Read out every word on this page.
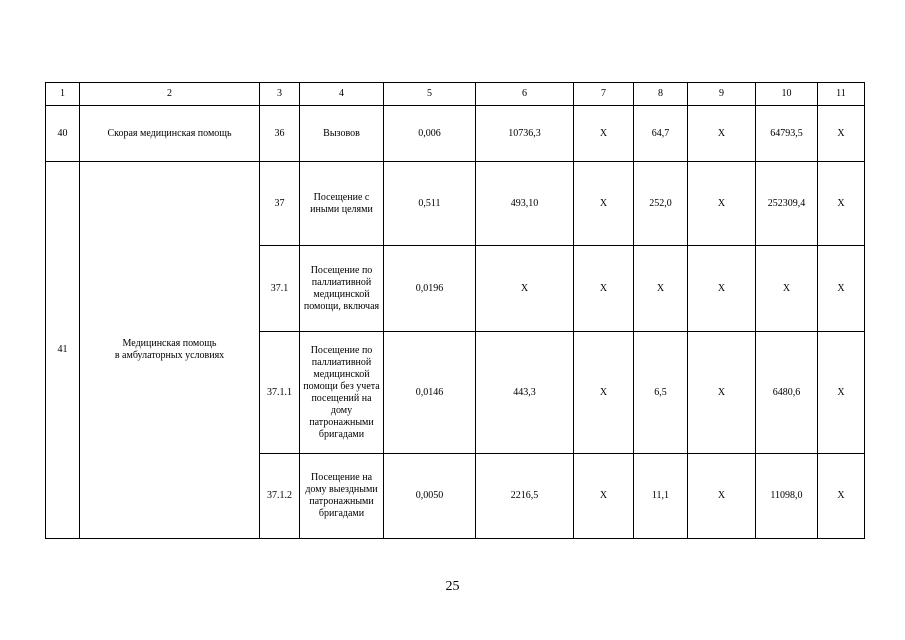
1	2	3	4	5	6	7	8	9	10	11
40	Скорая медицинская помощь	36	Вызовов	0,006	10736,3	Х	64,7	Х	64793,5	Х
41	Медицинская помощь
в амбулаторных условиях	37	Посещение с иными целями	0,511	493,10	Х	252,0	Х	252309,4	Х
		37.1	Посещение по паллиативной медицинской помощи, включая	0,0196	Х	Х	Х	Х	Х	Х
		37.1.1	Посещение по паллиативной медицинской помощи без учета посещений на дому патронажными бригадами	0,0146	443,3	Х	6,5	Х	6480,6	Х
		37.1.2	Посещение на дому выездными патронажными бригадами	0,0050	2216,5	Х	11,1	Х	11098,0	Х
25
